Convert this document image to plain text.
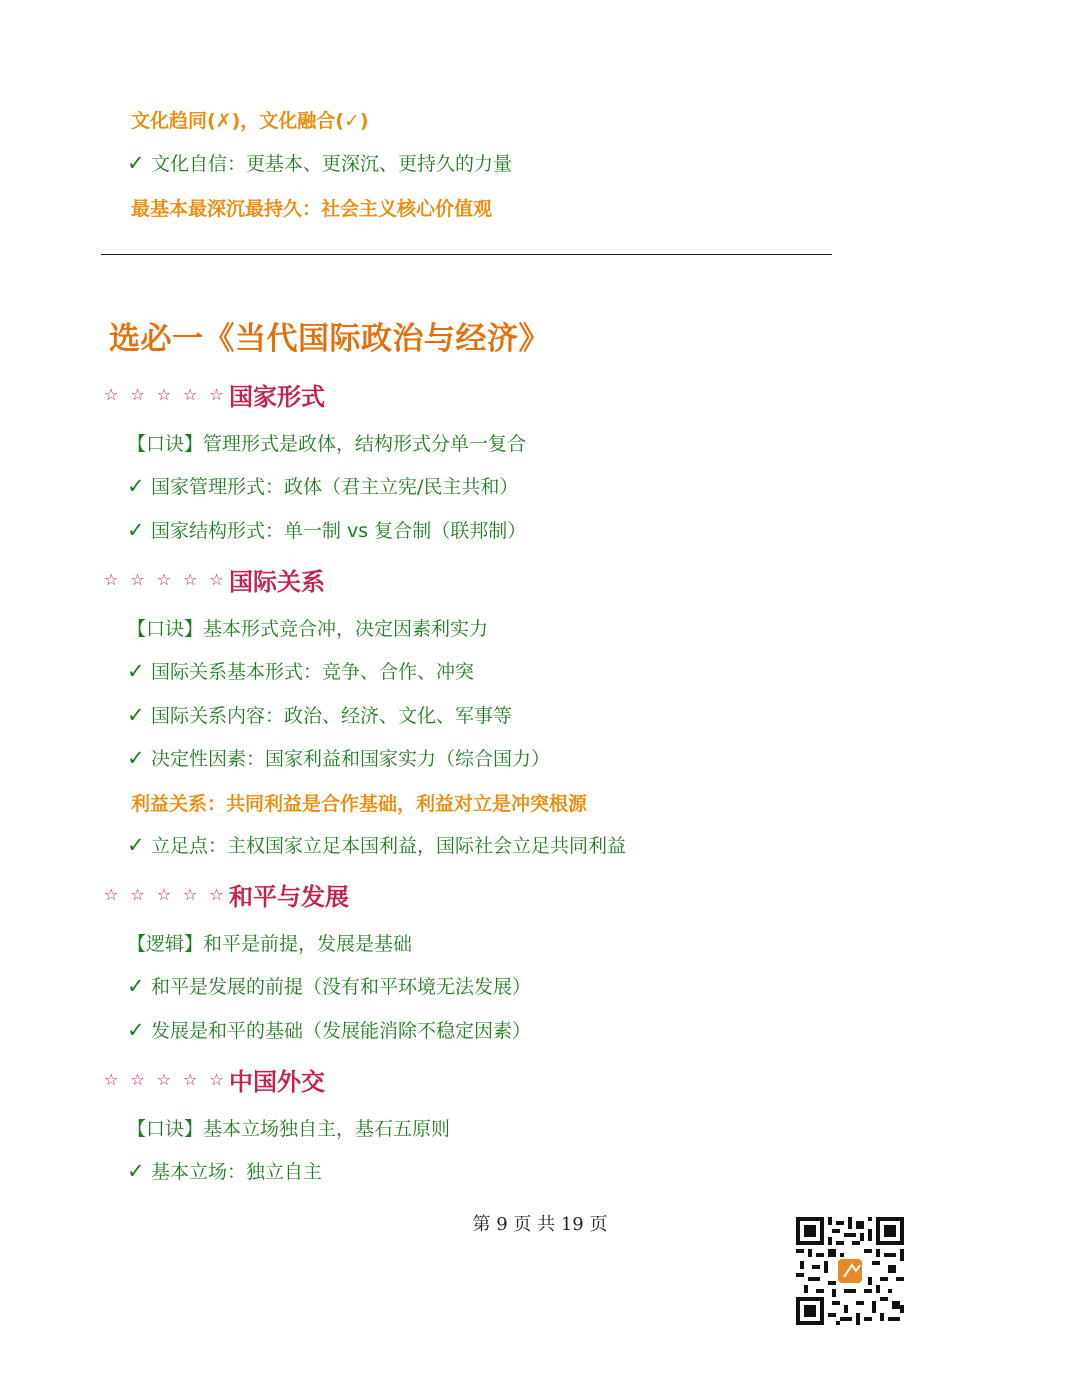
文化趋同(✗)，文化融合(✓)
✓ 文化自信：更基本、更深沉、更持久的力量
最基本最深沉最持久：社会主义核心价值观
选必一《当代国际政治与经济》
☆☆☆☆☆
国家形式
【口诀】管理形式是政体，结构形式分单一复合
✓ 国家管理形式：政体（君主立宪/民主共和）
✓ 国家结构形式：单一制 vs 复合制（联邦制）
☆☆☆☆☆
国际关系
【口诀】基本形式竞合冲，决定因素利实力
✓ 国际关系基本形式：竞争、合作、冲突
✓ 国际关系内容：政治、经济、文化、军事等
✓ 决定性因素：国家利益和国家实力（综合国力）
利益关系：共同利益是合作基础，利益对立是冲突根源
✓ 立足点：主权国家立足本国利益，国际社会立足共同利益
☆☆☆☆☆
和平与发展
【逻辑】和平是前提，发展是基础
✓ 和平是发展的前提（没有和平环境无法发展）
✓ 发展是和平的基础（发展能消除不稳定因素）
☆☆☆☆☆
中国外交
【口诀】基本立场独自主，基石五原则
✓ 基本立场：独立自主
第 9 页 共 19 页
